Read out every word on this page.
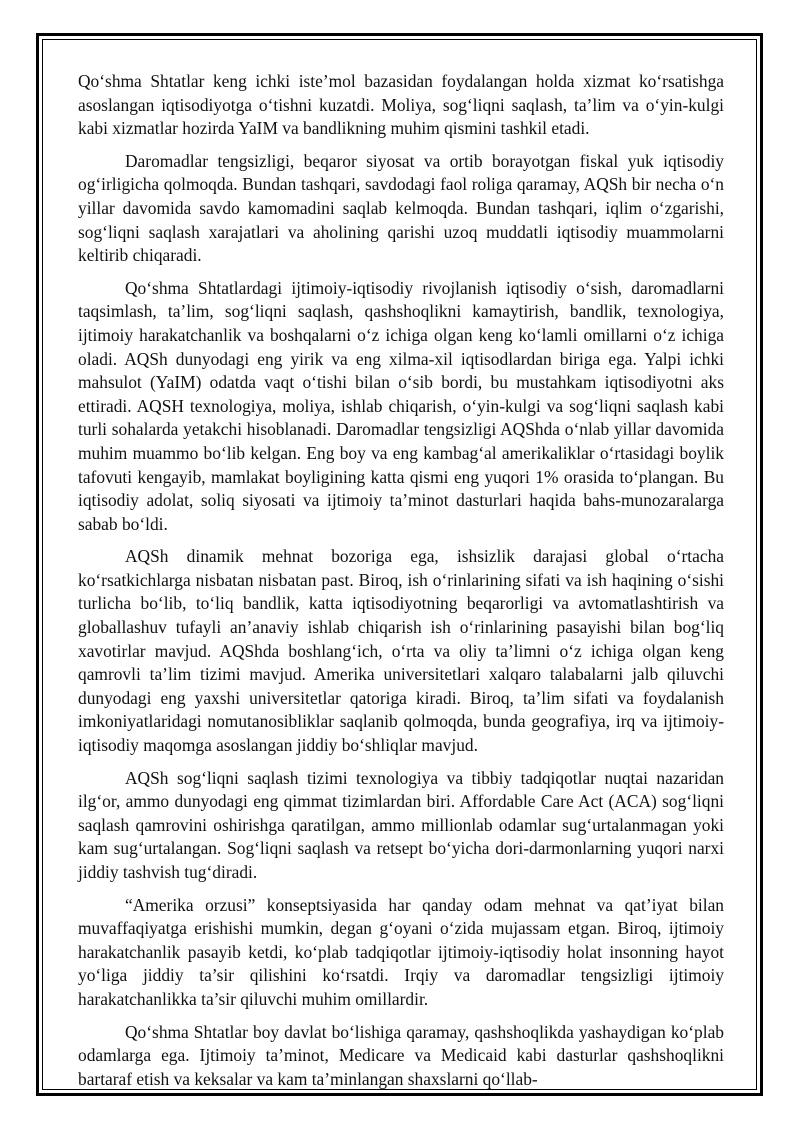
Qo‘shma Shtatlar keng ichki iste’mol bazasidan foydalangan holda xizmat ko‘rsatishga asoslangan iqtisodiyotga o‘tishni kuzatdi. Moliya, sog‘liqni saqlash, ta’lim va o‘yin-kulgi kabi xizmatlar hozirda YaIM va bandlikning muhim qismini tashkil etadi.

Daromadlar tengsizligi, beqaror siyosat va ortib borayotgan fiskal yuk iqtisodiy og‘irligicha qolmoqda. Bundan tashqari, savdodagi faol roliga qaramay, AQSh bir necha o‘n yillar davomida savdo kamomadini saqlab kelmoqda. Bundan tashqari, iqlim o‘zgarishi, sog‘liqni saqlash xarajatlari va aholining qarishi uzoq muddatli iqtisodiy muammolarni keltirib chiqaradi.

Qo‘shma Shtatlardagi ijtimoiy-iqtisodiy rivojlanish iqtisodiy o‘sish, daromadlarni taqsimlash, ta’lim, sog‘liqni saqlash, qashshoqlikni kamaytirish, bandlik, texnologiya, ijtimoiy harakatchanlik va boshqalarni o‘z ichiga olgan keng ko‘lamli omillarni o‘z ichiga oladi. AQSh dunyodagi eng yirik va eng xilma-xil iqtisodlardan biriga ega. Yalpi ichki mahsulot (YaIM) odatda vaqt o‘tishi bilan o‘sib bordi, bu mustahkam iqtisodiyotni aks ettiradi. AQSH texnologiya, moliya, ishlab chiqarish, o‘yin-kulgi va sog‘liqni saqlash kabi turli sohalarda yetakchi hisoblanadi. Daromadlar tengsizligi AQShda o‘nlab yillar davomida muhim muammo bo‘lib kelgan. Eng boy va eng kambag‘al amerikaliklar o‘rtasidagi boylik tafovuti kengayib, mamlakat boyligining katta qismi eng yuqori 1% orasida to‘plangan. Bu iqtisodiy adolat, soliq siyosati va ijtimoiy ta’minot dasturlari haqida bahs-munozaralarga sabab bo‘ldi.

AQSh dinamik mehnat bozoriga ega, ishsizlik darajasi global o‘rtacha ko‘rsatkichlarga nisbatan nisbatan past. Biroq, ish o‘rinlarining sifati va ish haqining o‘sishi turlicha bo‘lib, to‘liq bandlik, katta iqtisodiyotning beqarorligi va avtomatlashtirish va globallashuv tufayli an’anaviy ishlab chiqarish ish o‘rinlarining pasayishi bilan bog‘liq xavotirlar mavjud. AQShda boshlang‘ich, o‘rta va oliy ta’limni o‘z ichiga olgan keng qamrovli ta’lim tizimi mavjud. Amerika universitetlari xalqaro talabalarni jalb qiluvchi dunyodagi eng yaxshi universitetlar qatoriga kiradi. Biroq, ta’lim sifati va foydalanish imkoniyatlaridagi nomutanosibliklar saqlanib qolmoqda, bunda geografiya, irq va ijtimoiy-iqtisodiy maqomga asoslangan jiddiy bo‘shliqlar mavjud.

AQSh sog‘liqni saqlash tizimi texnologiya va tibbiy tadqiqotlar nuqtai nazaridan ilg‘or, ammo dunyodagi eng qimmat tizimlardan biri. Affordable Care Act (ACA) sog‘liqni saqlash qamrovini oshirishga qaratilgan, ammo millionlab odamlar sug‘urtalanmagan yoki kam sug‘urtalangan. Sog‘liqni saqlash va retsept bo‘yicha dori-darmonlarning yuqori narxi jiddiy tashvish tug‘diradi.

“Amerika orzusi” konseptsiyasida har qanday odam mehnat va qat’iyat bilan muvaffaqiyatga erishishi mumkin, degan g‘oyani o‘zida mujassam etgan. Biroq, ijtimoiy harakatchanlik pasayib ketdi, ko‘plab tadqiqotlar ijtimoiy-iqtisodiy holat insonning hayot yo‘liga jiddiy ta’sir qilishini ko‘rsatdi. Irqiy va daromadlar tengsizligi ijtimoiy harakatchanlikka ta’sir qiluvchi muhim omillardir.

Qo‘shma Shtatlar boy davlat bo‘lishiga qaramay, qashshoqlikda yashaydigan ko‘plab odamlarga ega. Ijtimoiy ta’minot, Medicare va Medicaid kabi dasturlar qashshoqlikni bartaraf etish va keksalar va kam ta’minlangan shaxslarni qo‘llab-
